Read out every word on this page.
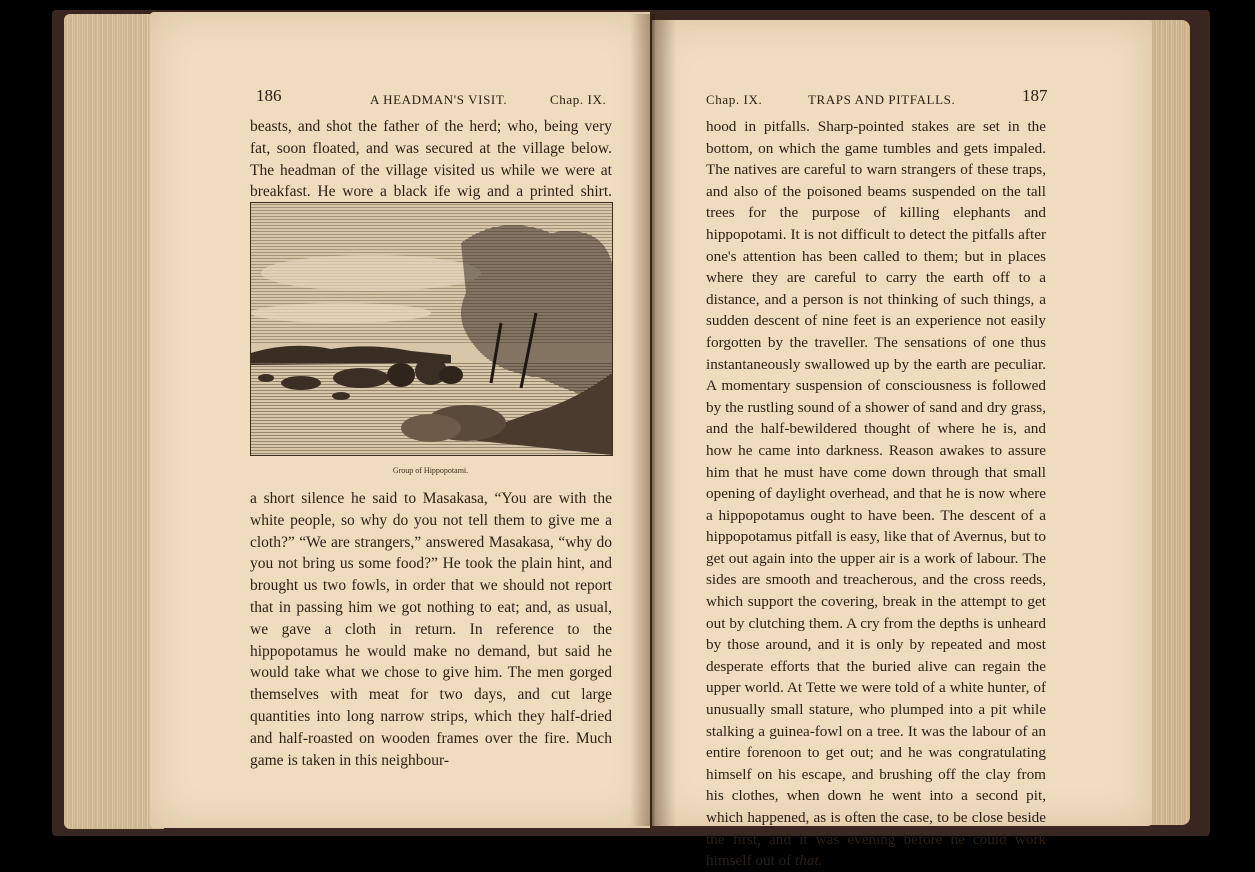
186	A HEADMAN'S VISIT.	Chap. IX.

beasts, and shot the father of the herd; who, being very fat, soon floated, and was secured at the village below. The headman of the village visited us while we were at breakfast. He wore a black ife wig and a printed shirt.

Group of Hippopotami.

a short silence he said to Masakasa, “You are with the white people, so why do you not tell them to give me a cloth?” “We are strangers,” answered Masakasa, “why do you not bring us some food?” He took the plain hint, and brought us two fowls, in order that we should not report that in passing him we got nothing to eat; and, as usual, we gave a cloth in return. In reference to the hippopotamus he would make no demand, but said he would take what we chose to give him. The men gorged themselves with meat for two days, and cut large quantities into long narrow strips, which they half-dried and half-roasted on wooden frames over the fire. Much game is taken in this neighbour-

Chap. IX.	TRAPS AND PITFALLS.	187

hood in pitfalls. Sharp-pointed stakes are set in the bottom, on which the game tumbles and gets impaled. The natives are careful to warn strangers of these traps, and also of the poisoned beams suspended on the tall trees for the purpose of killing elephants and hippopotami. It is not difficult to detect the pitfalls after one's attention has been called to them; but in places where they are careful to carry the earth off to a distance, and a person is not thinking of such things, a sudden descent of nine feet is an experience not easily forgotten by the traveller. The sensations of one thus instantaneously swallowed up by the earth are peculiar. A momentary suspension of consciousness is followed by the rustling sound of a shower of sand and dry grass, and the half-bewildered thought of where he is, and how he came into darkness. Reason awakes to assure him that he must have come down through that small opening of daylight overhead, and that he is now where a hippopotamus ought to have been. The descent of a hippopotamus pitfall is easy, like that of Avernus, but to get out again into the upper air is a work of labour. The sides are smooth and treacherous, and the cross reeds, which support the covering, break in the attempt to get out by clutching them. A cry from the depths is unheard by those around, and it is only by repeated and most desperate efforts that the buried alive can regain the upper world. At Tette we were told of a white hunter, of unusually small stature, who plumped into a pit while stalking a guinea-fowl on a tree. It was the labour of an entire forenoon to get out; and he was congratulating himself on his escape, and brushing off the clay from his clothes, when down he went into a second pit, which happened, as is often the case, to be close beside the first, and it was evening before he could work himself out of that.
